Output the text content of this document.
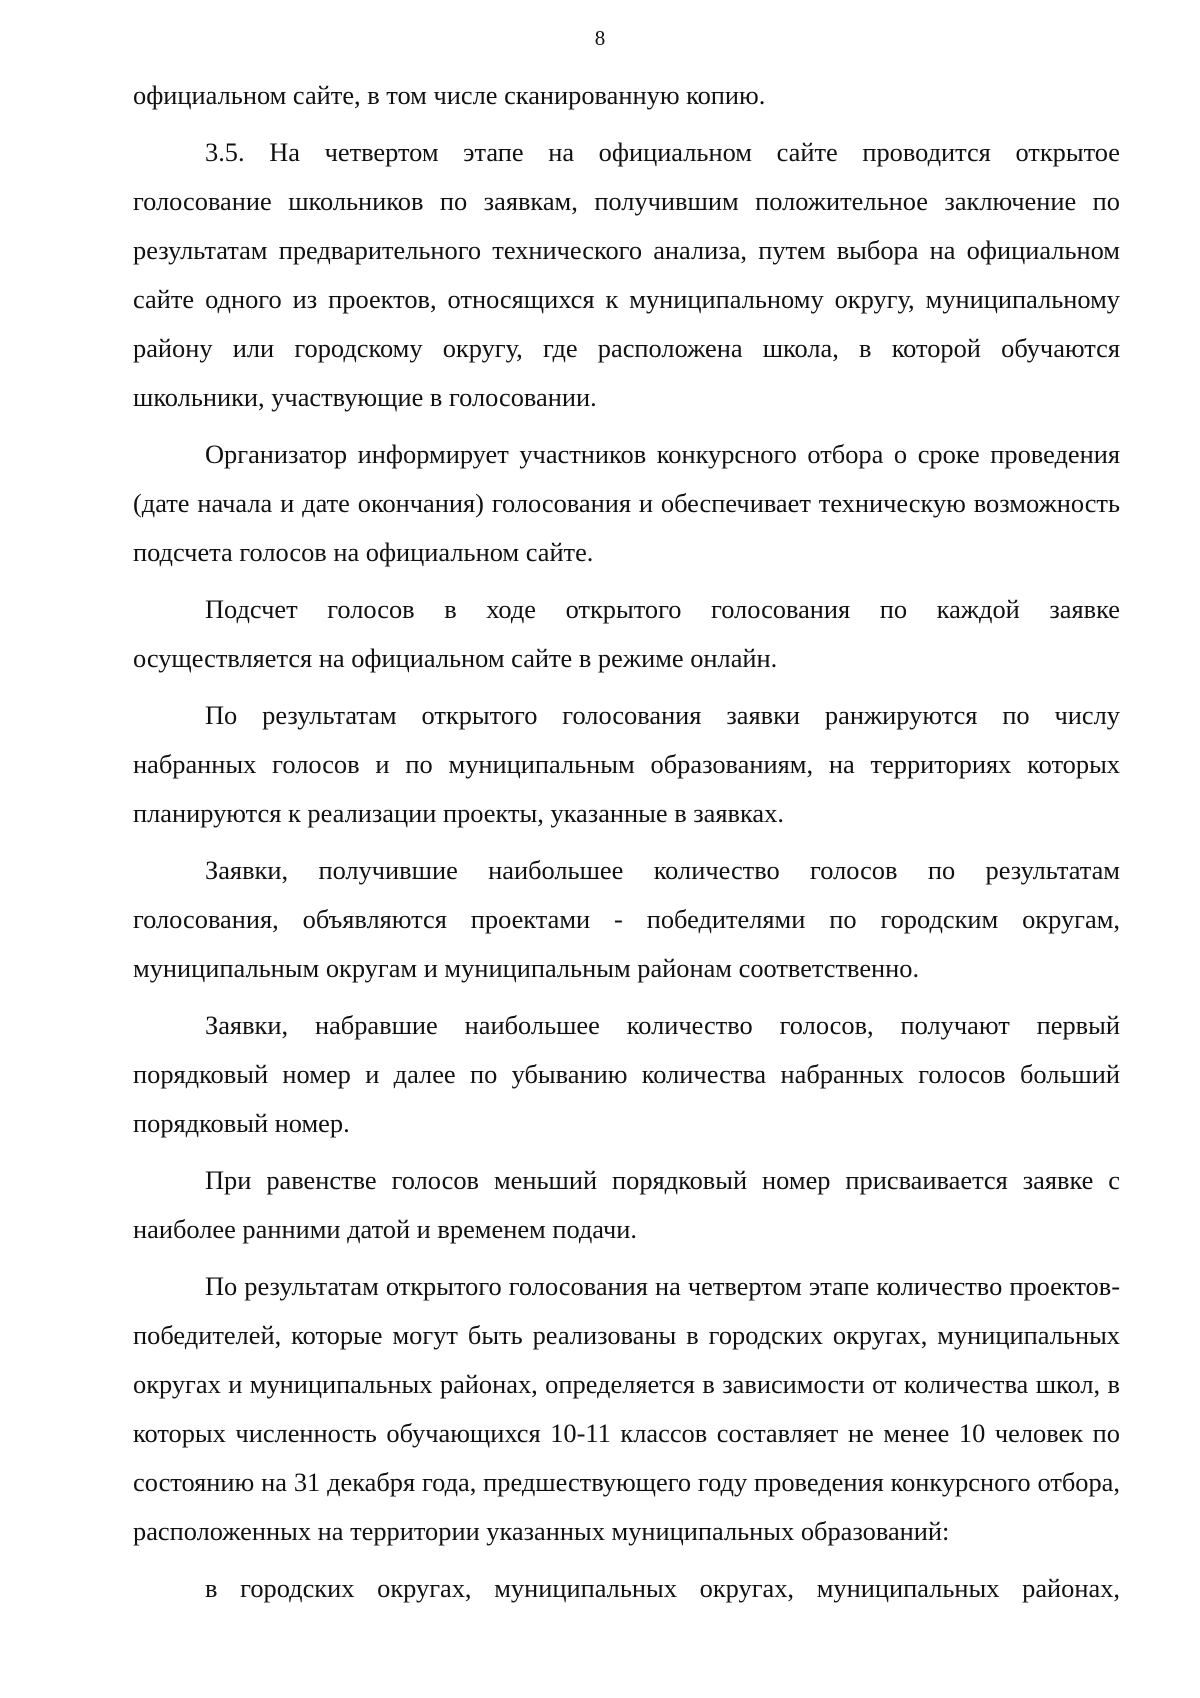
8

официальном сайте, в том числе сканированную копию.

3.5. На четвертом этапе на официальном сайте проводится открытое голосование школьников по заявкам, получившим положительное заключение по результатам предварительного технического анализа, путем выбора на официальном сайте одного из проектов, относящихся к муниципальному округу, муниципальному району или городскому округу, где расположена школа, в которой обучаются школьники, участвующие в голосовании.

Организатор информирует участников конкурсного отбора о сроке проведения (дате начала и дате окончания) голосования и обеспечивает техническую возможность подсчета голосов на официальном сайте.

Подсчет голосов в ходе открытого голосования по каждой заявке осуществляется на официальном сайте в режиме онлайн.

По результатам открытого голосования заявки ранжируются по числу набранных голосов и по муниципальным образованиям, на территориях которых планируются к реализации проекты, указанные в заявках.

Заявки, получившие наибольшее количество голосов по результатам голосования, объявляются проектами - победителями по городским округам, муниципальным округам и муниципальным районам соответственно.

Заявки, набравшие наибольшее количество голосов, получают первый порядковый номер и далее по убыванию количества набранных голосов больший порядковый номер.

При равенстве голосов меньший порядковый номер присваивается заявке с наиболее ранними датой и временем подачи.

По результатам открытого голосования на четвертом этапе количество проектов-победителей, которые могут быть реализованы в городских округах, муниципальных округах и муниципальных районах, определяется в зависимости от количества школ, в которых численность обучающихся 10-11 классов составляет не менее 10 человек по состоянию на 31 декабря года, предшествующего году проведения конкурсного отбора, расположенных на территории указанных муниципальных образований:

в городских округах, муниципальных округах, муниципальных районах,
